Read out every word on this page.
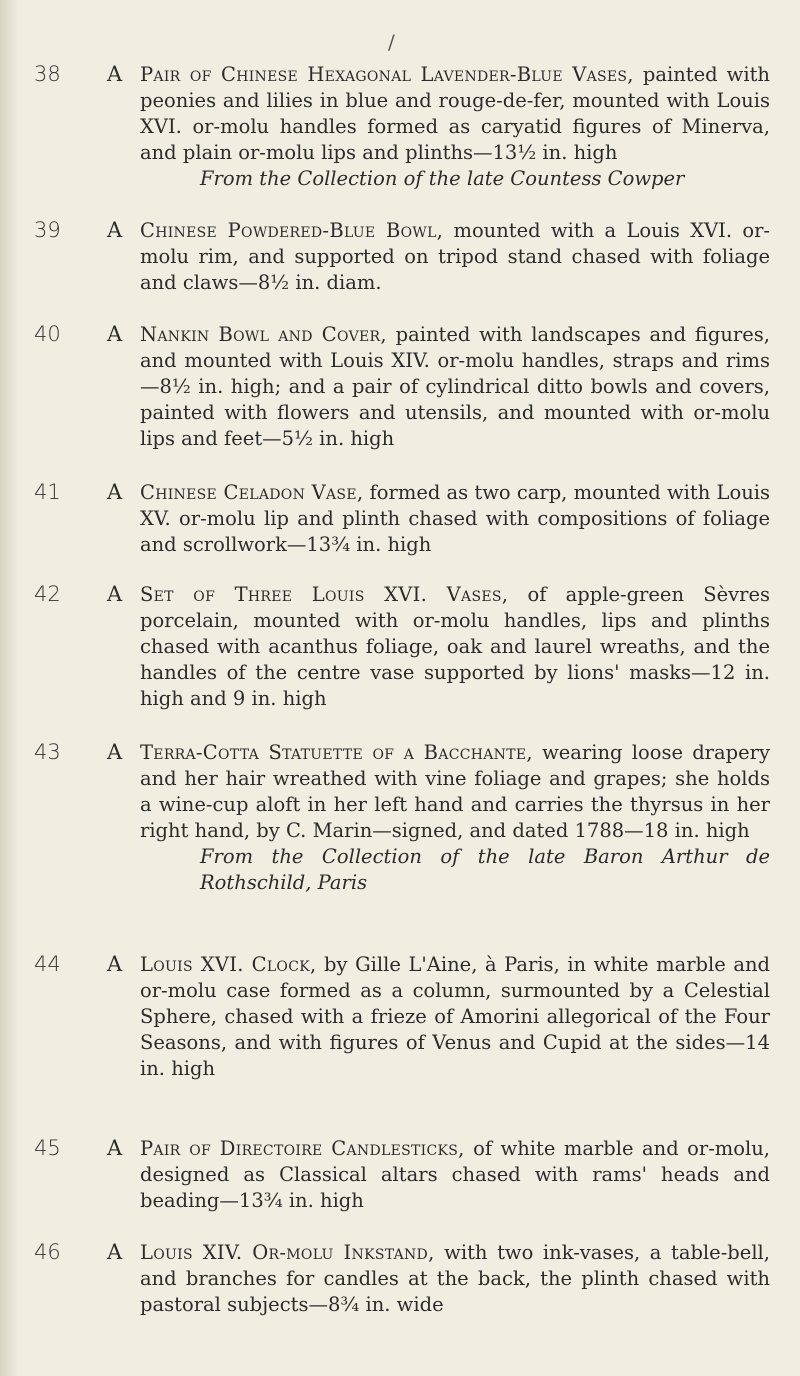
/
38 A Pair of Chinese Hexagonal Lavender-Blue Vases, painted with peonies and lilies in blue and rouge-de-fer, mounted with Louis XVI. or-molu handles formed as caryatid figures of Minerva, and plain or-molu lips and plinths—13½ in. high
From the Collection of the late Countess Cowper
39 A Chinese Powdered-Blue Bowl, mounted with a Louis XVI. or-molu rim, and supported on tripod stand chased with foliage and claws—8½ in. diam.
40 A Nankin Bowl and Cover, painted with landscapes and figures, and mounted with Louis XIV. or-molu handles, straps and rims—8½ in. high; and a pair of cylindrical ditto bowls and covers, painted with flowers and utensils, and mounted with or-molu lips and feet—5½ in. high
41 A Chinese Celadon Vase, formed as two carp, mounted with Louis XV. or-molu lip and plinth chased with compositions of foliage and scrollwork—13¾ in. high
42 A Set of Three Louis XVI. Vases, of apple-green Sèvres porcelain, mounted with or-molu handles, lips and plinths chased with acanthus foliage, oak and laurel wreaths, and the handles of the centre vase supported by lions' masks—12 in. high and 9 in. high
43 A Terra-Cotta Statuette of a Bacchante, wearing loose drapery and her hair wreathed with vine foliage and grapes; she holds a wine-cup aloft in her left hand and carries the thyrsus in her right hand, by C. Marin—signed, and dated 1788—18 in. high
From the Collection of the late Baron Arthur de Rothschild, Paris
44 A Louis XVI. Clock, by Gille L'Aine, à Paris, in white marble and or-molu case formed as a column, surmounted by a Celestial Sphere, chased with a frieze of Amorini allegorical of the Four Seasons, and with figures of Venus and Cupid at the sides—14 in. high
45 A Pair of Directoire Candlesticks, of white marble and or-molu, designed as Classical altars chased with rams' heads and beading—13¾ in. high
46 A Louis XIV. Or-molu Inkstand, with two ink-vases, a table-bell, and branches for candles at the back, the plinth chased with pastoral subjects—8¾ in. wide
